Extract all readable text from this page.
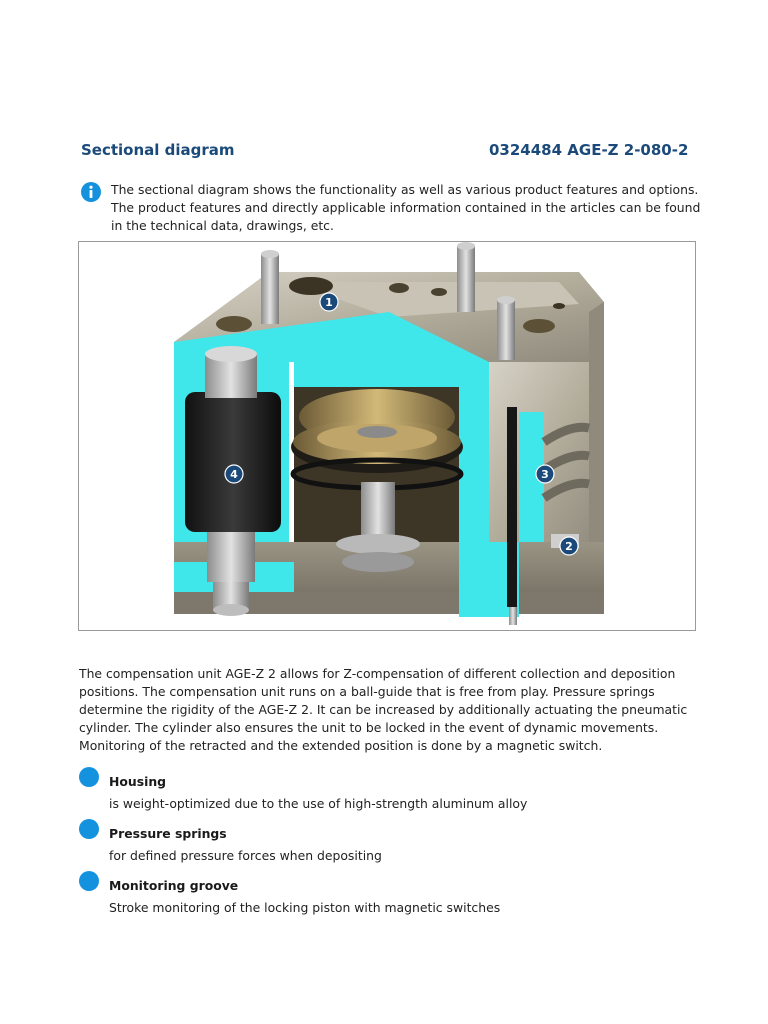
Sectional diagram	0324484 AGE-Z 2-080-2
The sectional diagram shows the functionality as well as various product features and options. The product features and directly applicable information contained in the articles can be found in the technical data, drawings, etc.
1
2
3
4
The compensation unit AGE-Z 2 allows for Z-compensation of different collection and deposition positions. The compensation unit runs on a ball-guide that is free from play. Pressure springs determine the rigidity of the AGE-Z 2. It can be increased by additionally actuating the pneumatic cylinder. The cylinder also ensures the unit to be locked in the event of dynamic movements. Monitoring of the retracted and the extended position is done by a magnetic switch.
Housing
is weight-optimized due to the use of high-strength aluminum alloy
Pressure springs
for defined pressure forces when depositing
Monitoring groove
Stroke monitoring of the locking piston with magnetic switches
